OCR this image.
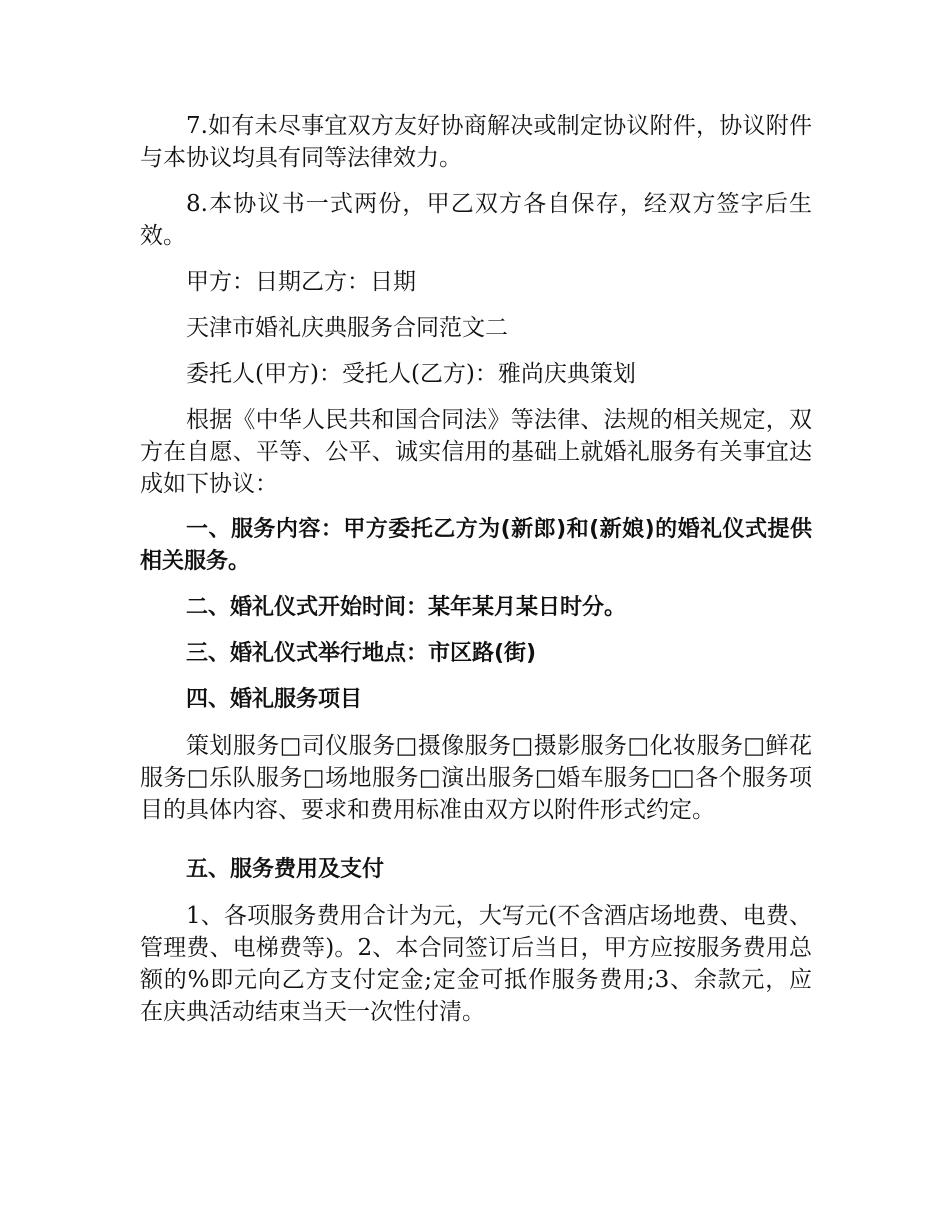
7.如有未尽事宜双方友好协商解决或制定协议附件，协议附件与本协议均具有同等法律效力。

8.本协议书一式两份，甲乙双方各自保存，经双方签字后生效。

甲方：日期乙方：日期

天津市婚礼庆典服务合同范文二

委托人(甲方)：受托人(乙方)：雅尚庆典策划

根据《中华人民共和国合同法》等法律、法规的相关规定，双方在自愿、平等、公平、诚实信用的基础上就婚礼服务有关事宜达成如下协议：

一、服务内容：甲方委托乙方为(新郎)和(新娘)的婚礼仪式提供相关服务。

二、婚礼仪式开始时间：某年某月某日时分。

三、婚礼仪式举行地点：市区路(街)

四、婚礼服务项目

策划服务□司仪服务□摄像服务□摄影服务□化妆服务□鲜花服务□乐队服务□场地服务□演出服务□婚车服务□□各个服务项目的具体内容、要求和费用标准由双方以附件形式约定。

五、服务费用及支付

1、各项服务费用合计为元，大写元(不含酒店场地费、电费、管理费、电梯费等)。2、本合同签订后当日，甲方应按服务费用总额的%即元向乙方支付定金;定金可抵作服务费用;3、余款元，应在庆典活动结束当天一次性付清。
